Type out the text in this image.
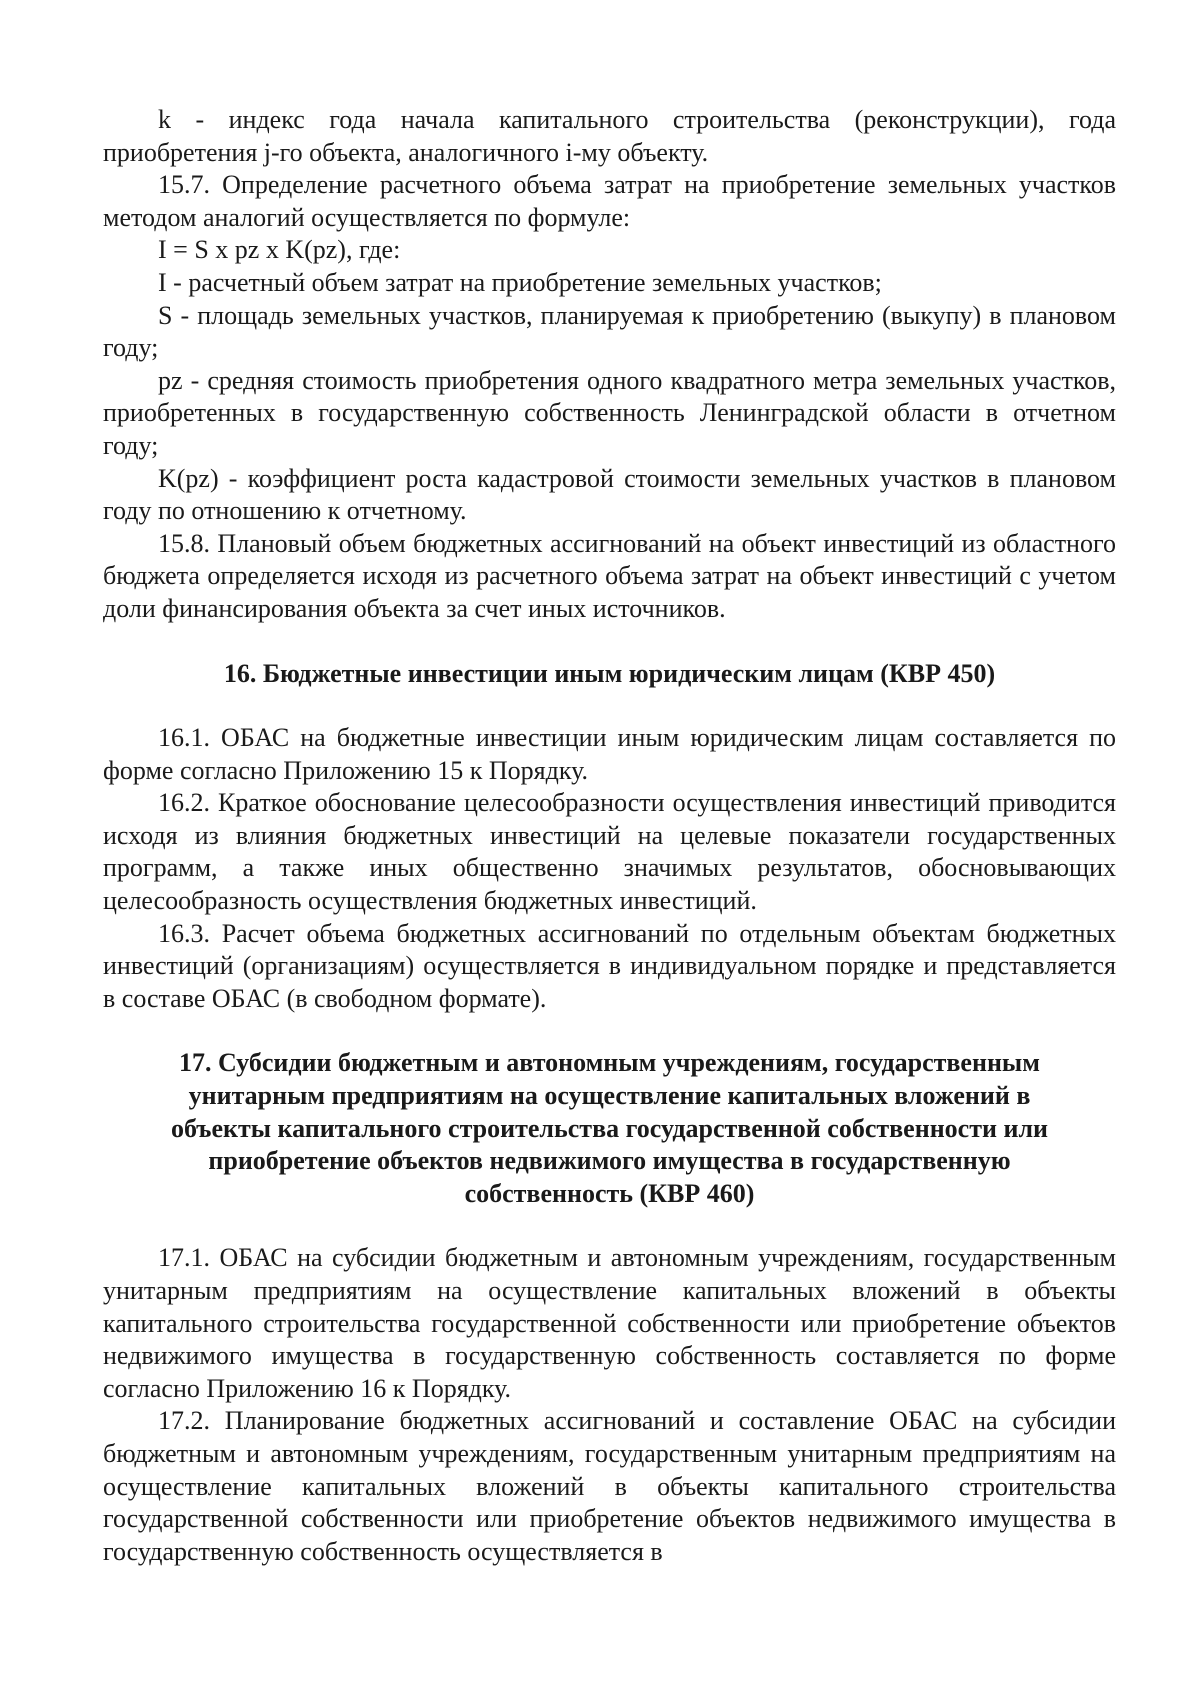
k - индекс года начала капитального строительства (реконструкции), года приобретения j-го объекта, аналогичного i-му объекту.

15.7. Определение расчетного объема затрат на приобретение земельных участков методом аналогий осуществляется по формуле:

I = S x pz x K(pz), где:

I - расчетный объем затрат на приобретение земельных участков;

S - площадь земельных участков, планируемая к приобретению (выкупу) в плановом году;

pz - средняя стоимость приобретения одного квадратного метра земельных участков, приобретенных в государственную собственность Ленинградской области в отчетном году;

K(pz) - коэффициент роста кадастровой стоимости земельных участков в плановом году по отношению к отчетному.

15.8. Плановый объем бюджетных ассигнований на объект инвестиций из областного бюджета определяется исходя из расчетного объема затрат на объект инвестиций с учетом доли финансирования объекта за счет иных источников.

16. Бюджетные инвестиции иным юридическим лицам (КВР 450)

16.1. ОБАС на бюджетные инвестиции иным юридическим лицам составляется по форме согласно Приложению 15 к Порядку.

16.2. Краткое обоснование целесообразности осуществления инвестиций приводится исходя из влияния бюджетных инвестиций на целевые показатели государственных программ, а также иных общественно значимых результатов, обосновывающих целесообразность осуществления бюджетных инвестиций.

16.3. Расчет объема бюджетных ассигнований по отдельным объектам бюджетных инвестиций (организациям) осуществляется в индивидуальном порядке и представляется в составе ОБАС (в свободном формате).

17. Субсидии бюджетным и автономным учреждениям, государственным

унитарным предприятиям на осуществление капитальных вложений в

объекты капитального строительства государственной собственности или

приобретение объектов недвижимого имущества в государственную

собственность (КВР 460)

17.1. ОБАС на субсидии бюджетным и автономным учреждениям, государственным унитарным предприятиям на осуществление капитальных вложений в объекты капитального строительства государственной собственности или приобретение объектов недвижимого имущества в государственную собственность составляется по форме согласно Приложению 16 к Порядку.

17.2. Планирование бюджетных ассигнований и составление ОБАС на субсидии бюджетным и автономным учреждениям, государственным унитарным предприятиям на осуществление капитальных вложений в объекты капитального строительства государственной собственности или приобретение объектов недвижимого имущества в государственную собственность осуществляется в
